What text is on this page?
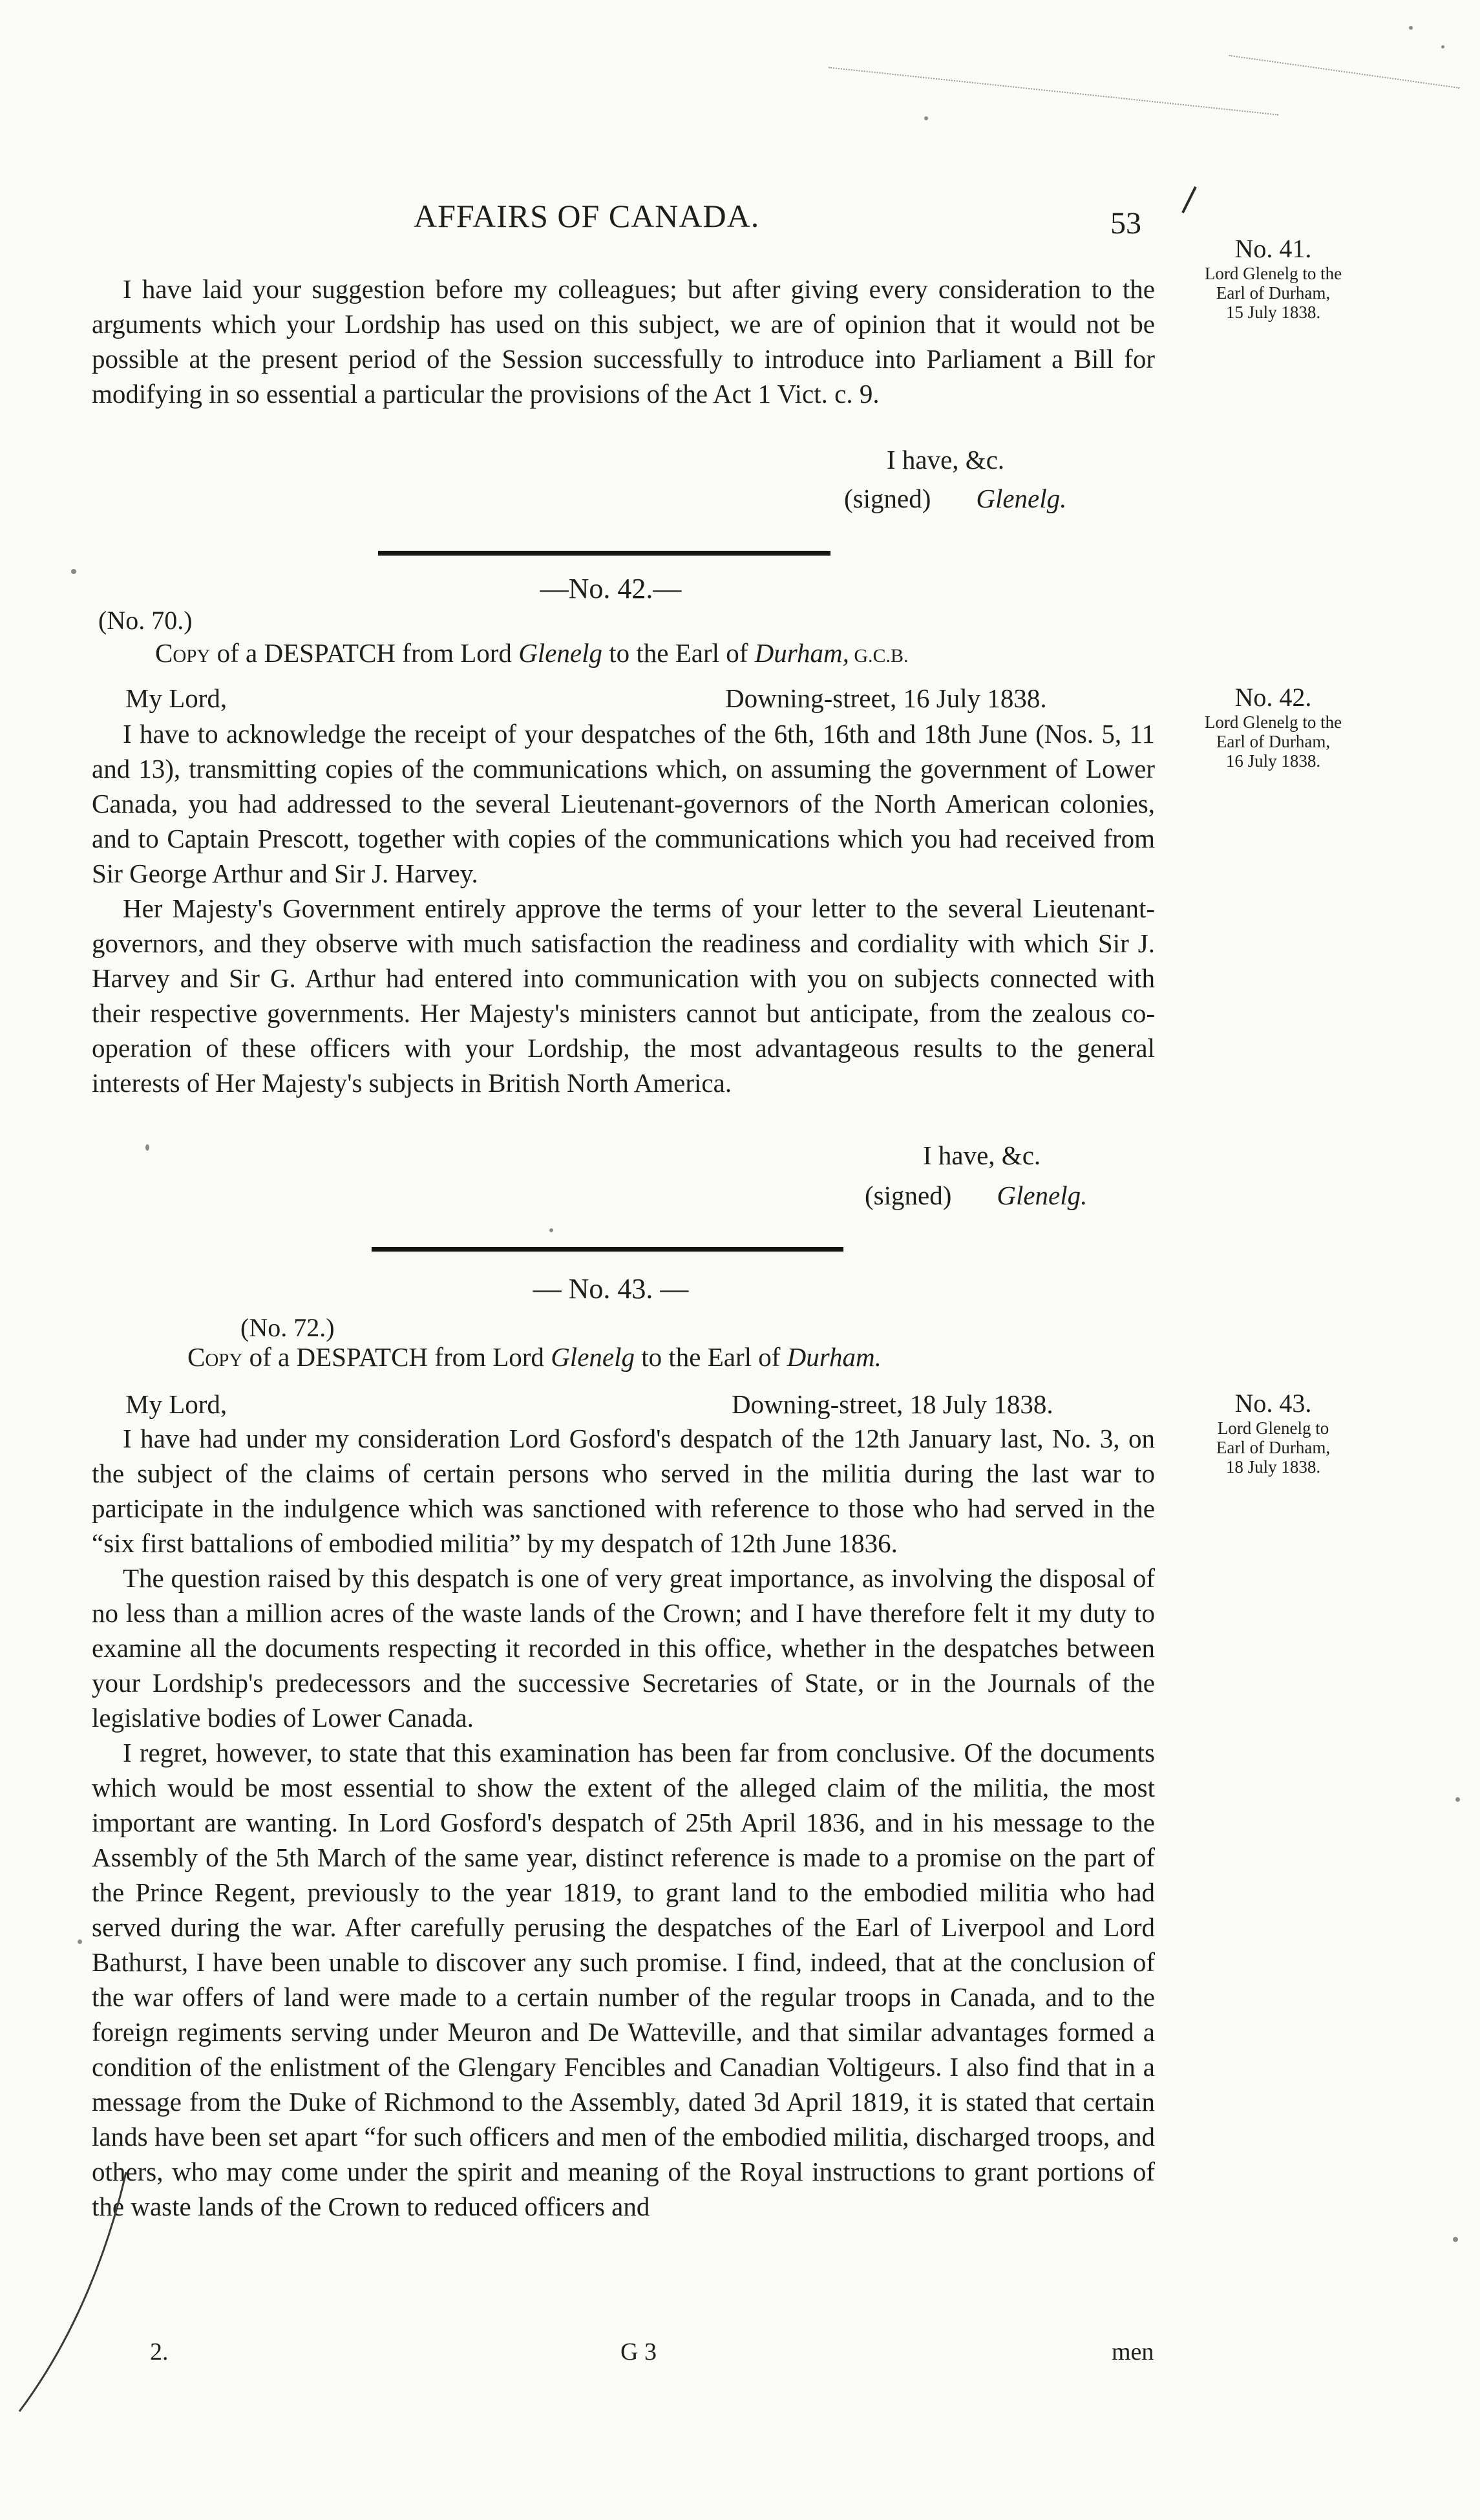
AFFAIRS OF CANADA.	53

I have laid your suggestion before my colleagues; but after giving every consideration to the arguments which your Lordship has used on this subject, we are of opinion that it would not be possible at the present period of the Session successfully to introduce into Parliament a Bill for modifying in so essential a particular the provisions of the Act 1 Vict. c. 9.

No. 41.
Lord Glenelg to the
Earl of Durham,
15 July 1838.
I have, &c.
(signed) Glenelg.
—No. 42.—
(No. 70.)
Copy of a DESPATCH from Lord Glenelg to the Earl of Durham, G.C.B.
My Lord,	Downing-street, 16 July 1838.

I have to acknowledge the receipt of your despatches of the 6th, 16th and 18th June (Nos. 5, 11 and 13), transmitting copies of the communications which, on assuming the government of Lower Canada, you had addressed to the several Lieutenant-governors of the North American colonies, and to Captain Prescott, together with copies of the communications which you had received from Sir George Arthur and Sir J. Harvey.

Her Majesty's Government entirely approve the terms of your letter to the several Lieutenant-governors, and they observe with much satisfaction the readiness and cordiality with which Sir J. Harvey and Sir G. Arthur had entered into communication with you on subjects connected with their respective governments. Her Majesty's ministers cannot but anticipate, from the zealous co-operation of these officers with your Lordship, the most advantageous results to the general interests of Her Majesty's subjects in British North America.

No. 42.
Lord Glenelg to the
Earl of Durham,
16 July 1838.
I have, &c.
(signed) Glenelg.
— No. 43. —
(No. 72.)
Copy of a DESPATCH from Lord Glenelg to the Earl of Durham.
My Lord,	Downing-street, 18 July 1838.

I have had under my consideration Lord Gosford's despatch of the 12th January last, No. 3, on the subject of the claims of certain persons who served in the militia during the last war to participate in the indulgence which was sanctioned with reference to those who had served in the “six first battalions of embodied militia” by my despatch of 12th June 1836.

The question raised by this despatch is one of very great importance, as involving the disposal of no less than a million acres of the waste lands of the Crown; and I have therefore felt it my duty to examine all the documents respecting it recorded in this office, whether in the despatches between your Lordship's predecessors and the successive Secretaries of State, or in the Journals of the legislative bodies of Lower Canada.

I regret, however, to state that this examination has been far from conclusive. Of the documents which would be most essential to show the extent of the alleged claim of the militia, the most important are wanting. In Lord Gosford's despatch of 25th April 1836, and in his message to the Assembly of the 5th March of the same year, distinct reference is made to a promise on the part of the Prince Regent, previously to the year 1819, to grant land to the embodied militia who had served during the war. After carefully perusing the despatches of the Earl of Liverpool and Lord Bathurst, I have been unable to discover any such promise. I find, indeed, that at the conclusion of the war offers of land were made to a certain number of the regular troops in Canada, and to the foreign regiments serving under Meuron and De Watteville, and that similar advantages formed a condition of the enlistment of the Glengary Fencibles and Canadian Voltigeurs. I also find that in a message from the Duke of Richmond to the Assembly, dated 3d April 1819, it is stated that certain lands have been set apart “for such officers and men of the embodied militia, discharged troops, and others, who may come under the spirit and meaning of the Royal instructions to grant portions of the waste lands of the Crown to reduced officers and

No. 43.
Lord Glenelg to
Earl of Durham,
18 July 1838.
2.	G 3	men
